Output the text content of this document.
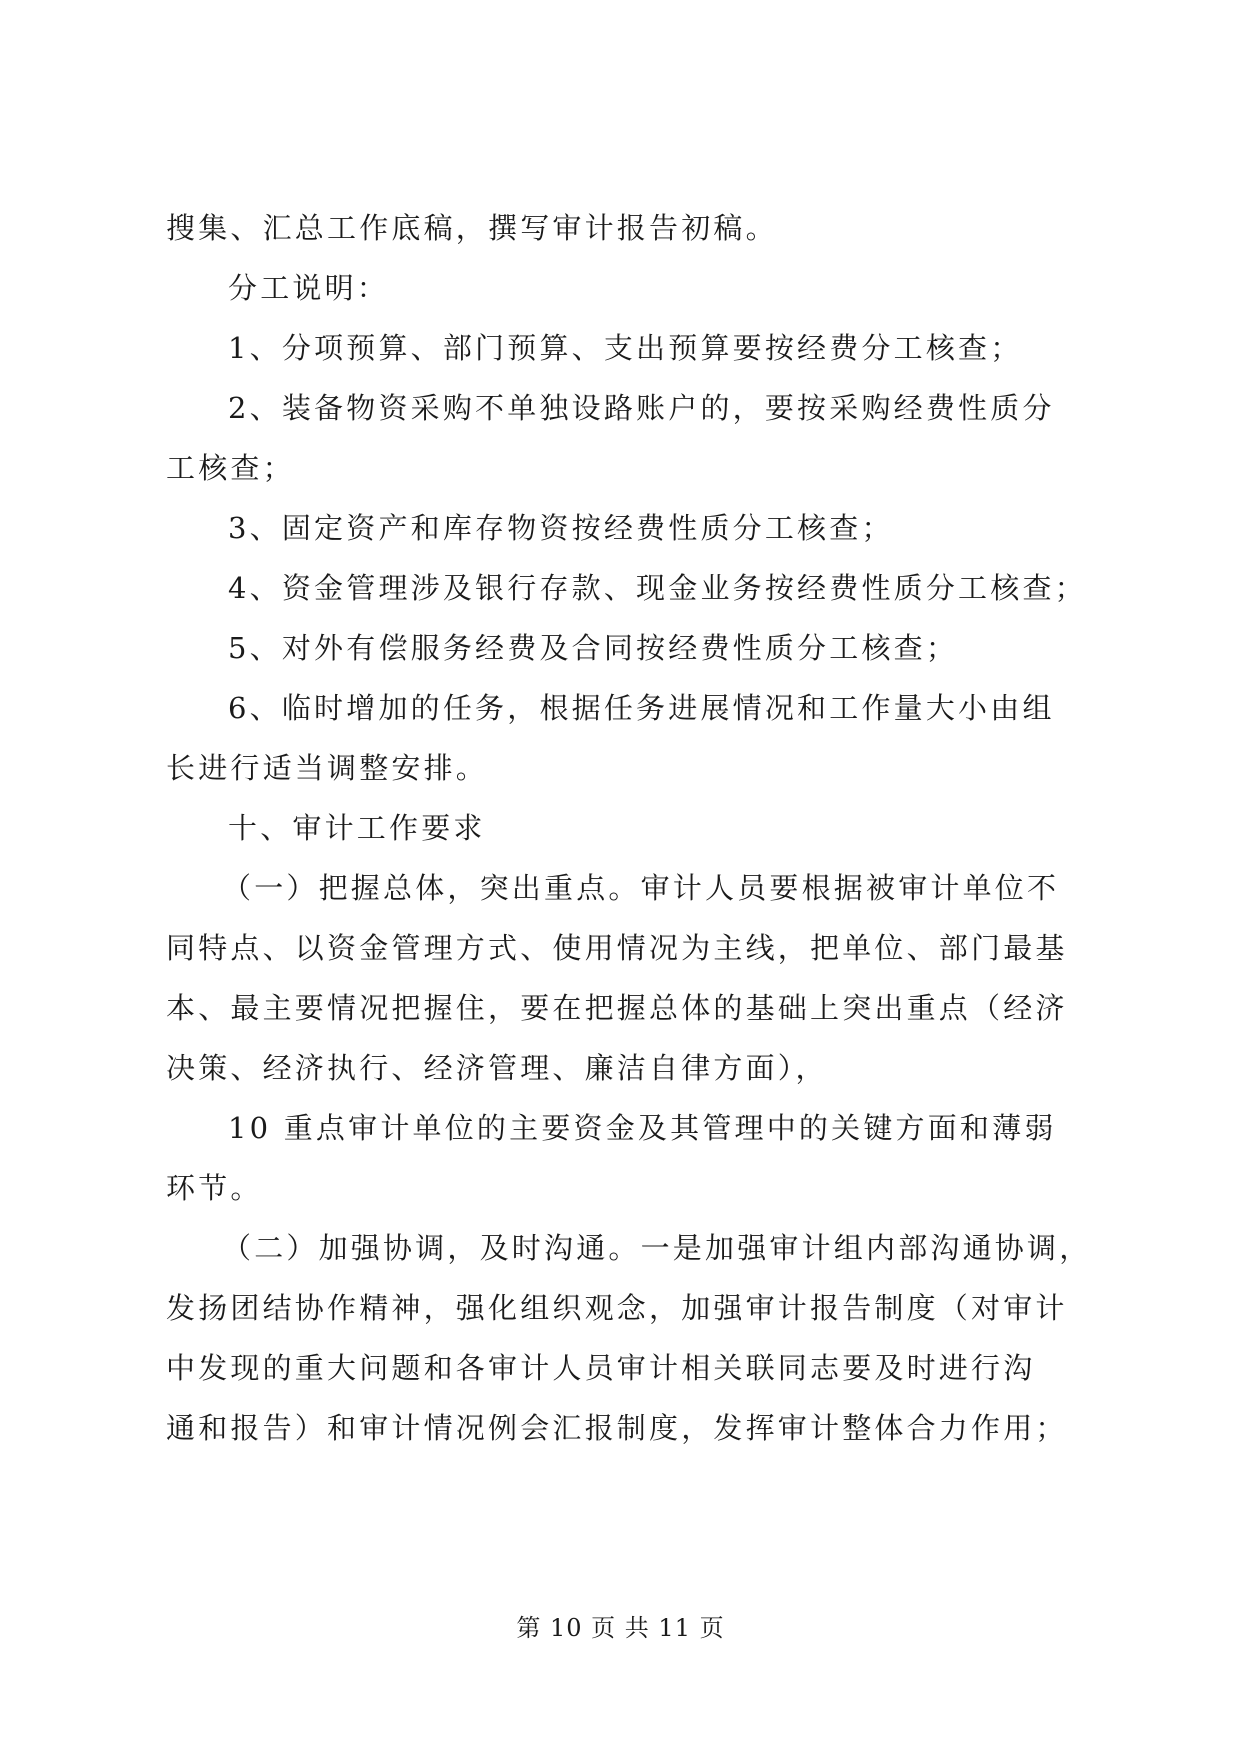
搜集、汇总工作底稿，撰写审计报告初稿。
分工说明：
1、分项预算、部门预算、支出预算要按经费分工核查；
2、装备物资采购不单独设路账户的，要按采购经费性质分
工核查；
3、固定资产和库存物资按经费性质分工核查；
4、资金管理涉及银行存款、现金业务按经费性质分工核查；
5、对外有偿服务经费及合同按经费性质分工核查；
6、临时增加的任务，根据任务进展情况和工作量大小由组
长进行适当调整安排。
十、审计工作要求
（一）把握总体，突出重点。审计人员要根据被审计单位不
同特点、以资金管理方式、使用情况为主线，把单位、部门最基
本、最主要情况把握住，要在把握总体的基础上突出重点（经济
决策、经济执行、经济管理、廉洁自律方面），
10 重点审计单位的主要资金及其管理中的关键方面和薄弱
环节。
（二）加强协调，及时沟通。一是加强审计组内部沟通协调，
发扬团结协作精神，强化组织观念，加强审计报告制度（对审计
中发现的重大问题和各审计人员审计相关联同志要及时进行沟
通和报告）和审计情况例会汇报制度，发挥审计整体合力作用；
第 10 页 共 11 页
